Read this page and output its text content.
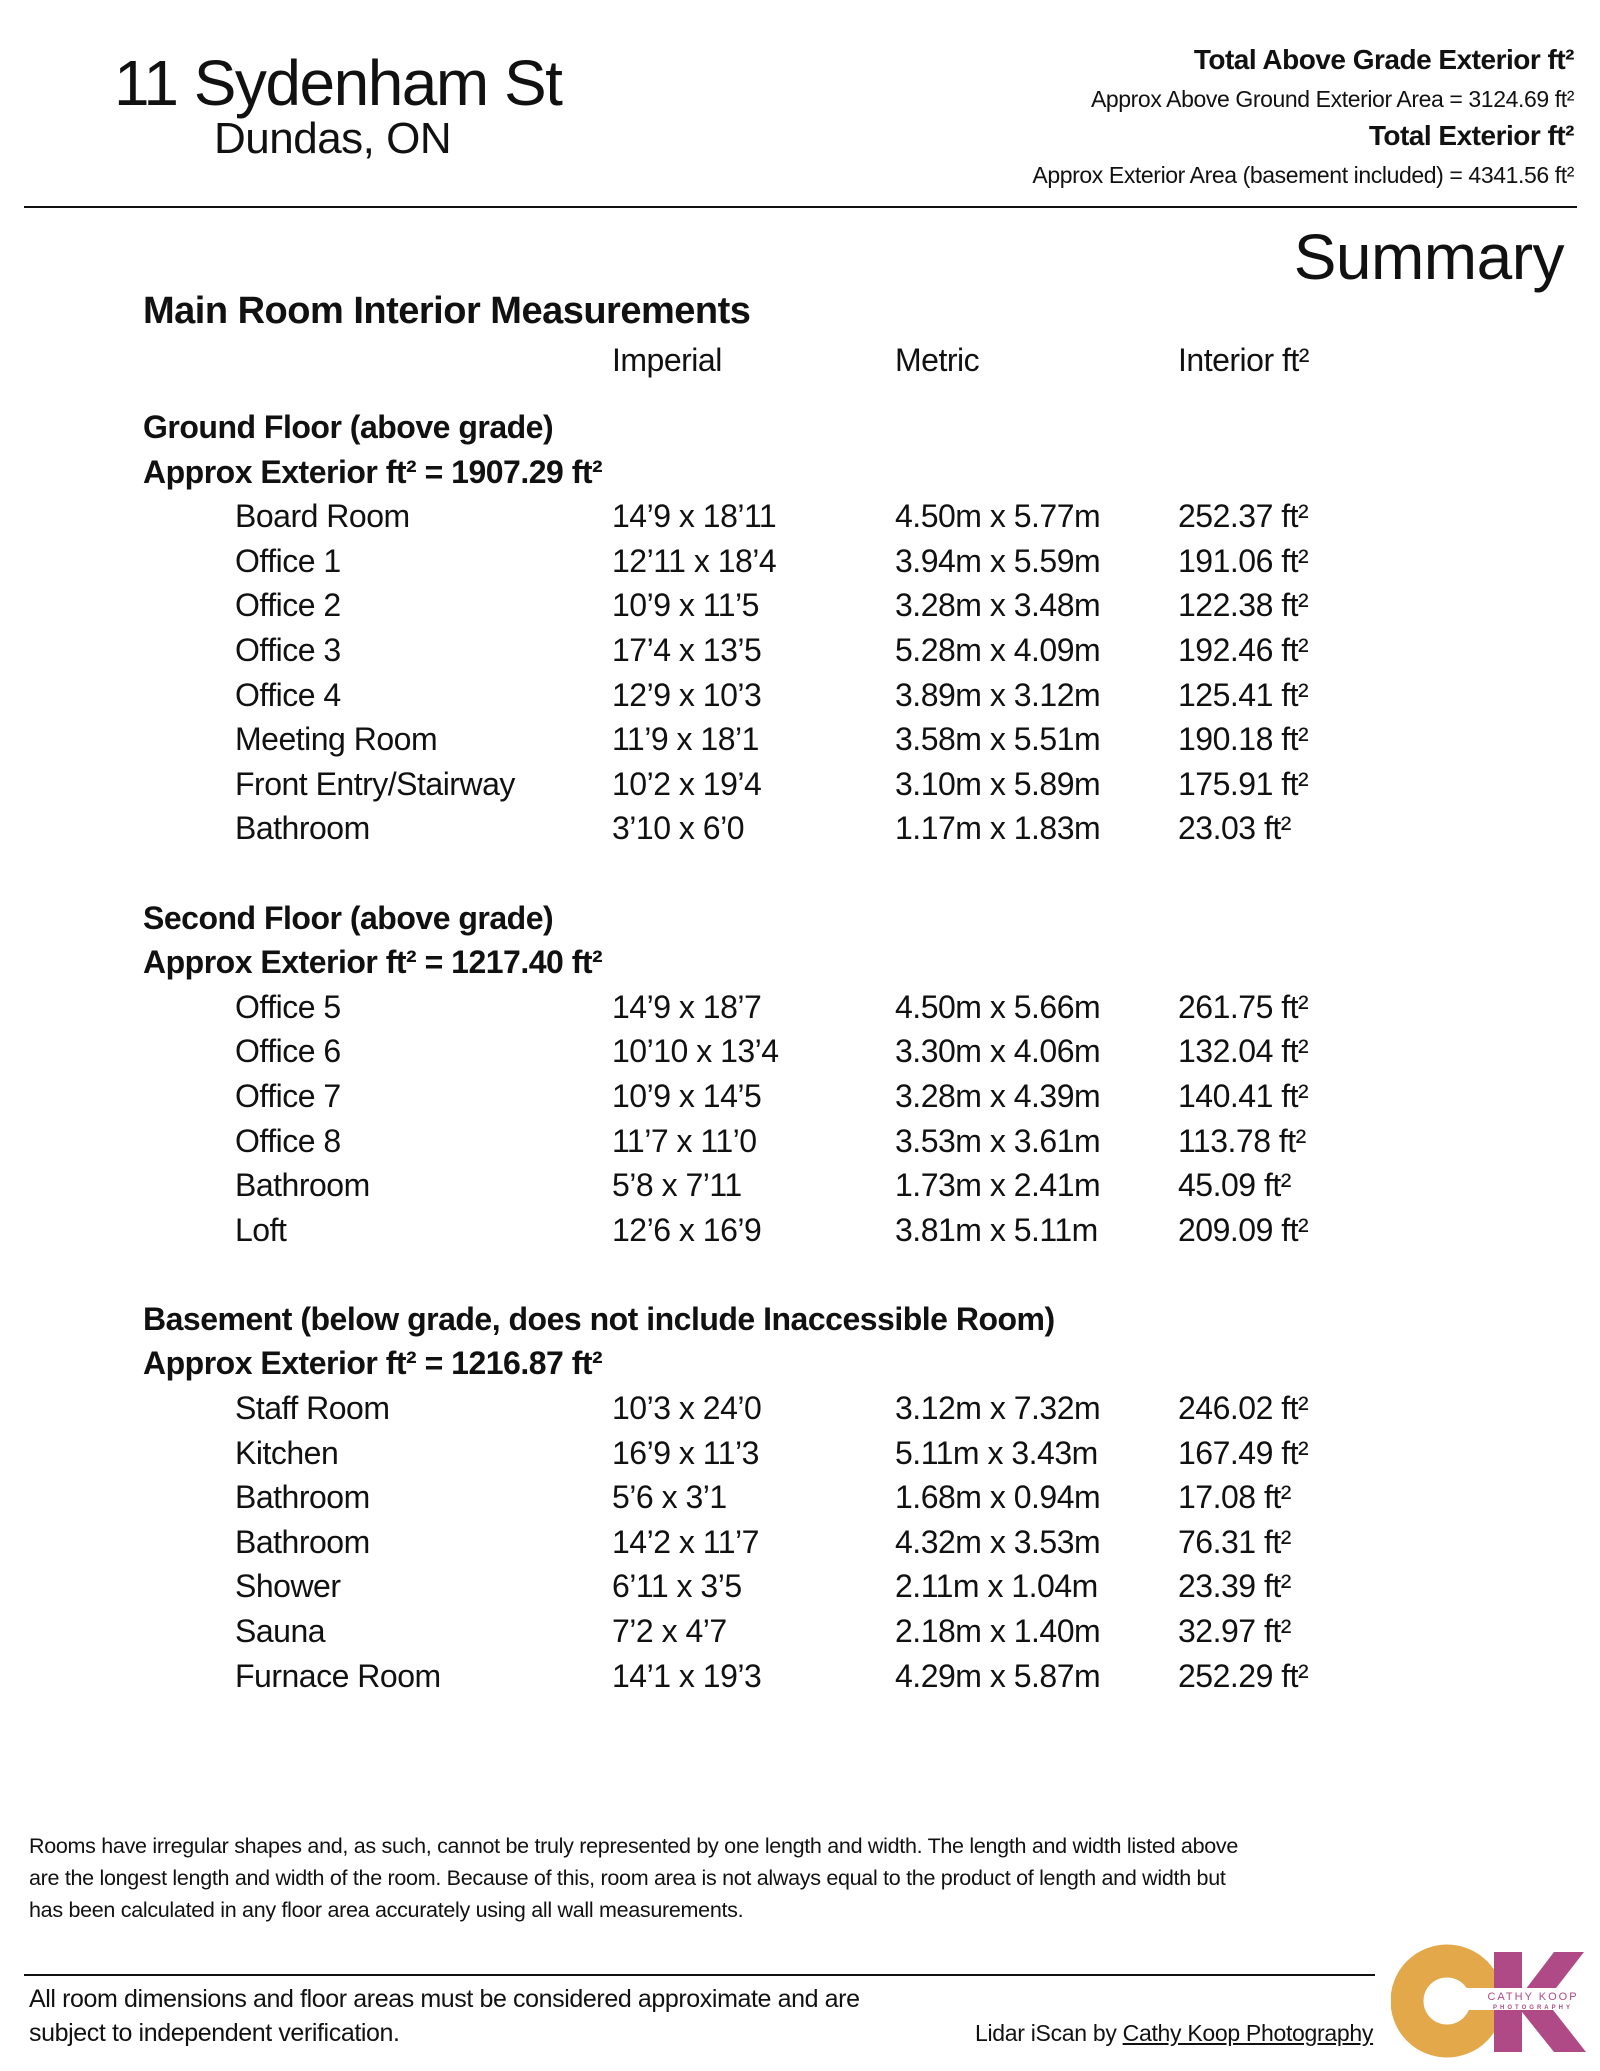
11 Sydenham St
Dundas, ON
Total Above Grade Exterior ft²
Approx Above Ground Exterior Area = 3124.69 ft²
Total Exterior ft²
Approx Exterior Area (basement included) = 4341.56 ft²
Summary
Main Room Interior Measurements
Imperial	Metric	Interior ft²
Ground Floor (above grade)
Approx Exterior ft² = 1907.29 ft²
Board Room	14’9 x 18’11	4.50m x 5.77m 252.37 ft²
Office 1	12’11 x 18’4	3.94m x 5.59m 191.06 ft²
Office 2	10’9 x 11’5	3.28m x 3.48m 122.38 ft²
Office 3	17’4 x 13’5	5.28m x 4.09m 192.46 ft²
Office 4	12’9 x 10’3	3.89m x 3.12m 125.41 ft²
Meeting Room	11’9 x 18’1	3.58m x 5.51m 190.18 ft²
Front Entry/Stairway	10’2 x 19’4	3.10m x 5.89m 175.91 ft²
Bathroom	3’10 x 6’0	1.17m x 1.83m 23.03 ft²
Second Floor (above grade)
Approx Exterior ft² = 1217.40 ft²
Office 5	14’9 x 18’7	4.50m x 5.66m 261.75 ft²
Office 6	10’10 x 13’4	3.30m x 4.06m 132.04 ft²
Office 7	10’9 x 14’5	3.28m x 4.39m 140.41 ft²
Office 8	11’7 x 11’0	3.53m x 3.61m 113.78 ft²
Bathroom	5’8 x 7’11	1.73m x 2.41m 45.09 ft²
Loft	12’6 x 16’9	3.81m x 5.11m	209.09 ft²
Basement (below grade, does not include Inaccessible Room)
Approx Exterior ft² = 1216.87 ft²
Staff Room	10’3 x 24’0	3.12m x 7.32m 246.02 ft²
Kitchen	16’9 x 11’3	5.11m x 3.43m	167.49 ft²
Bathroom	5’6 x 3’1	1.68m x 0.94m 17.08 ft²
Bathroom	14’2 x 11’7	4.32m x 3.53m 76.31 ft²
Shower	6’11 x 3’5	2.11m x 1.04m	23.39 ft²
Sauna	7’2 x 4’7	2.18m x 1.40m 32.97 ft²
Furnace Room	14’1 x 19’3	4.29m x 5.87m 252.29 ft²
Rooms have irregular shapes and, as such, cannot be truly represented by one length and width. The length and width listed above
are the longest length and width of the room. Because of this, room area is not always equal to the product of length and width but
has been calculated in any floor area accurately using all wall measurements.
All room dimensions and floor areas must be considered approximate and are
subject to independent verification.	Lidar iScan by Cathy Koop Photography
CATHY KOOP
PHOTOGRAPHY
